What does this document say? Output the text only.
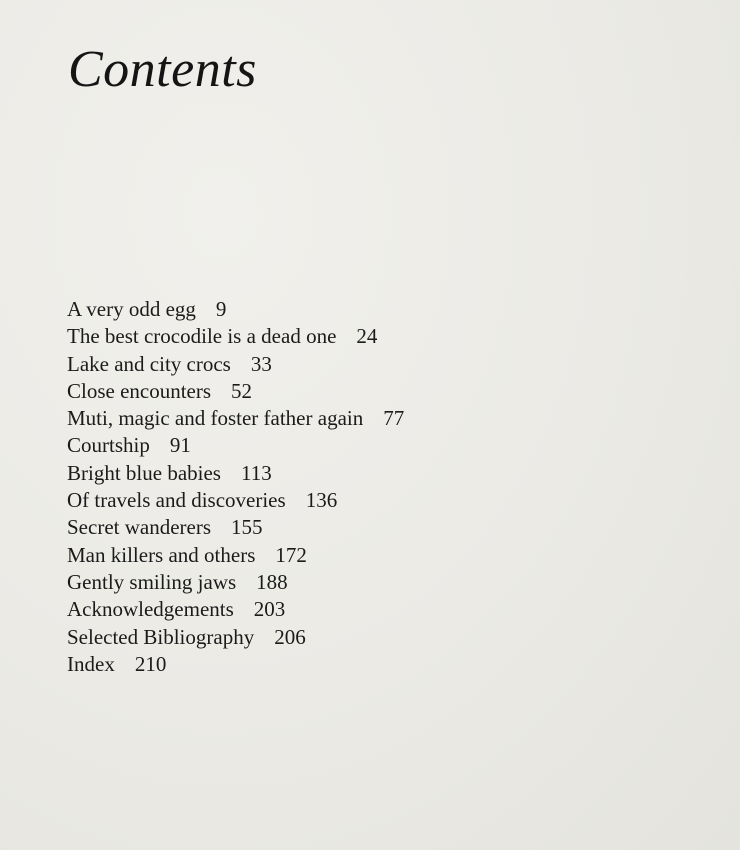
Contents
A very odd egg 9
The best crocodile is a dead one 24
Lake and city crocs 33
Close encounters 52
Muti, magic and foster father again 77
Courtship 91
Bright blue babies 113
Of travels and discoveries 136
Secret wanderers 155
Man killers and others 172
Gently smiling jaws 188
Acknowledgements 203
Selected Bibliography 206
Index 210
